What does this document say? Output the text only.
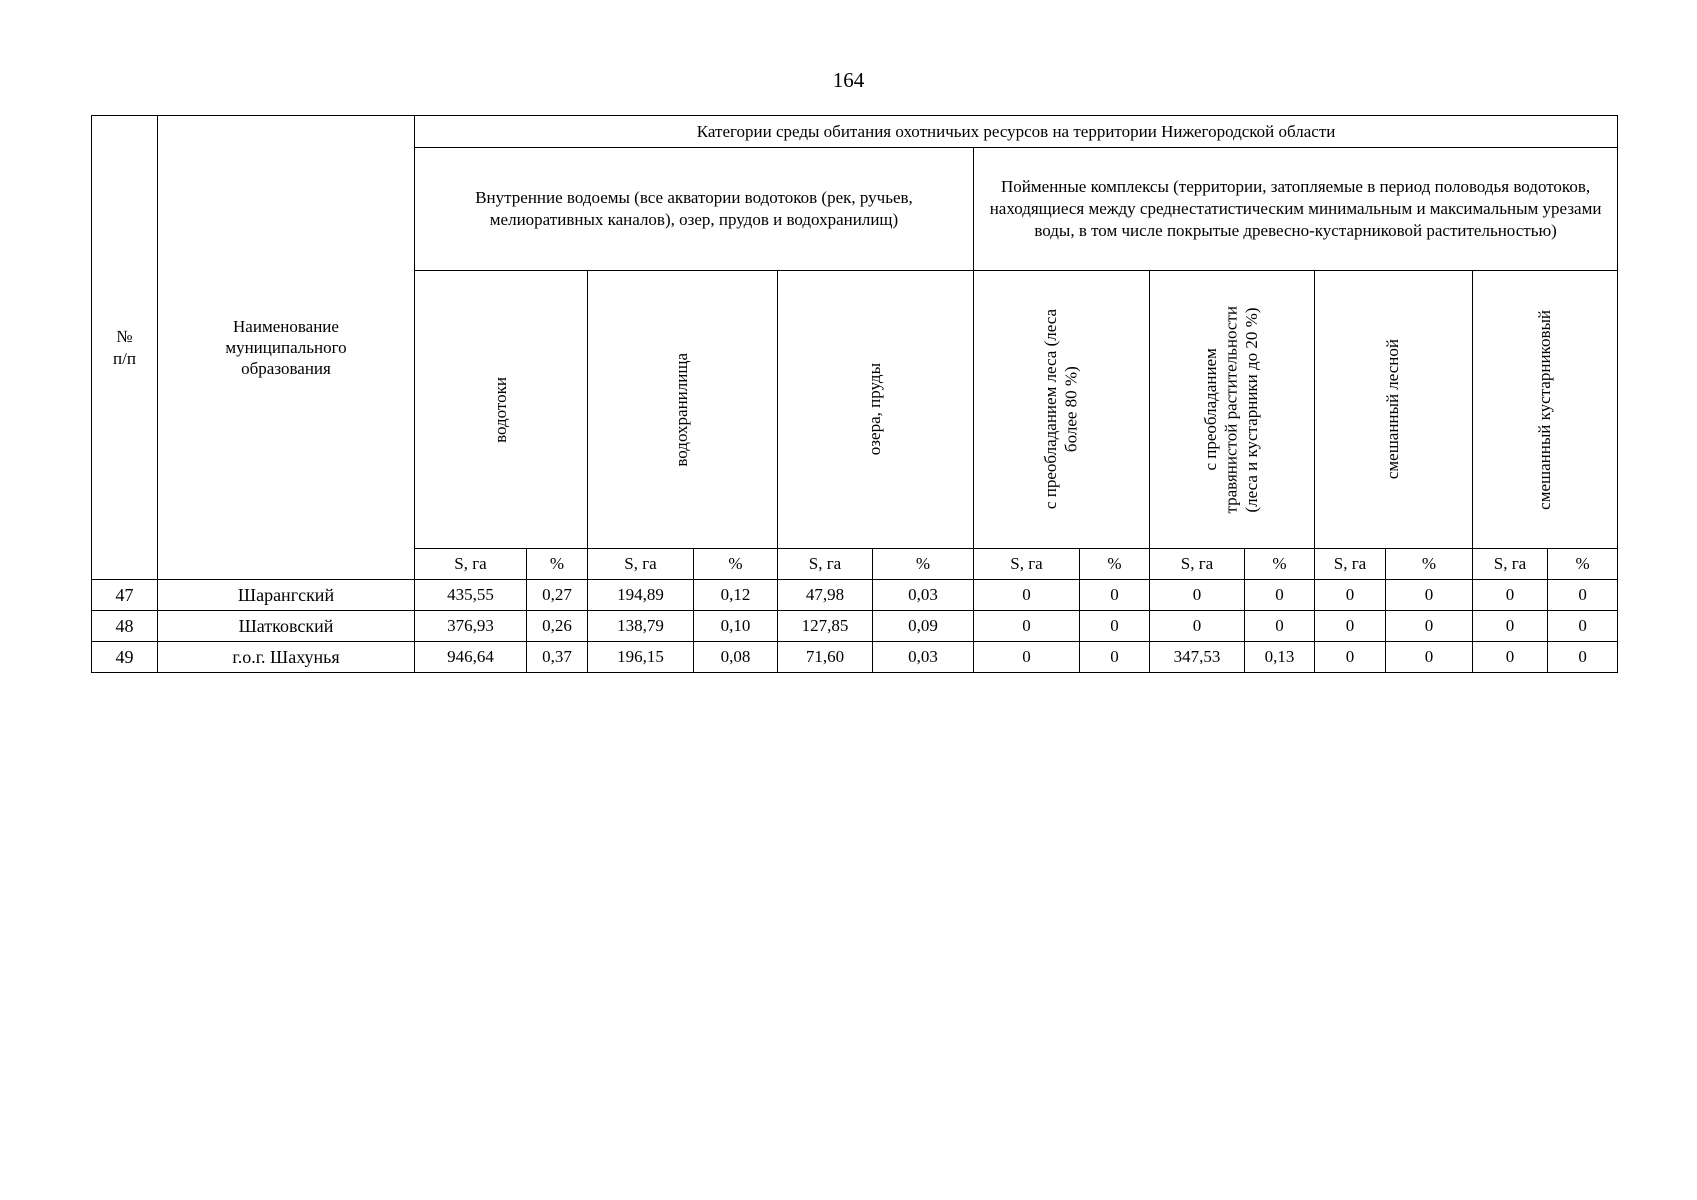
164
№
п/п	Наименование
муниципального
образования	Категории среды обитания охотничьих ресурсов на территории Нижегородской области													

		Внутренние водоемы (все акватории водотоков (рек, ручьев, мелиоративных каналов), озер, прудов и водохранилищ)						Пойменные комплексы (территории, затопляемые в период половодья водотоков, находящиеся между среднестатистическим минимальным и максимальным урезами воды, в том числе покрытые древесно-кустарниковой растительностью)							

		водотоки		водохранилища		озера, пруды		с преобладанием леса (леса
более 80 %)		с преобладанием
травянистой растительности
(леса и кустарники до 20 %)		смешанный лесной		смешанный кустарниковый	

		S, га	%	S, га	%	S, га	%	S, га	%	S, га	%	S, га	%	S, га	%
47	Шарангский	435,55	0,27	194,89	0,12	47,98	0,03	0	0	0	0	0	0	0	0
48	Шатковский	376,93	0,26	138,79	0,10	127,85	0,09	0	0	0	0	0	0	0	0
49	г.о.г. Шахунья	946,64	0,37	196,15	0,08	71,60	0,03	0	0	347,53	0,13	0	0	0	0
